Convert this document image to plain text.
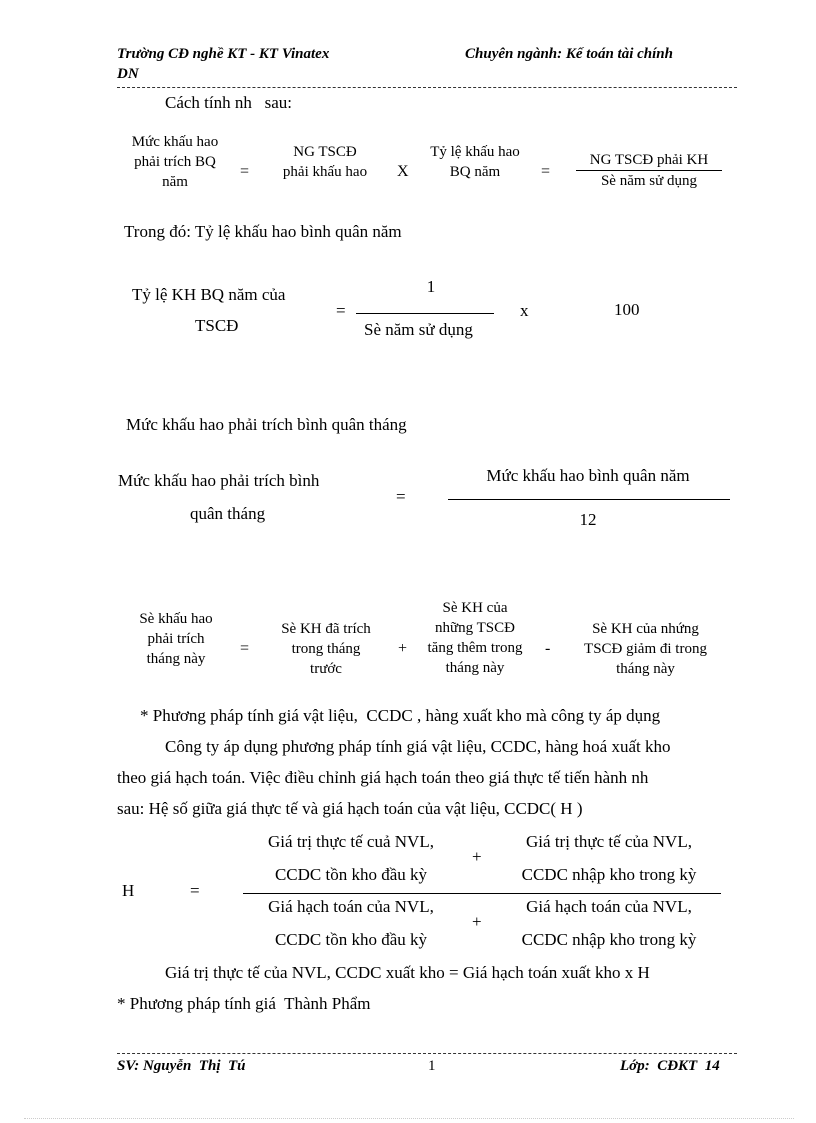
Trường CĐ nghề KT - KT Vinatex
DN
Chuyên ngành: Kế toán tài chính
Cách tính nh   sau:
Mức khấu hao phải trích BQ năm
=
NG TSCĐ phải khấu hao X
Tỷ lệ khấu hao BQ năm	=
NG TSCĐ phải KH
Sè năm sử dụng
Trong đó: Tỷ lệ khấu hao bình quân năm
Tỷ lệ KH BQ năm của
TSCĐ
=
1
Sè năm sử dụng
x	100
Mức khấu hao phải trích bình quân tháng
Mức khấu hao phải trích bình
quân tháng
=
Mức khấu hao bình quân năm
12
Sè khấu hao phải trích tháng này
=
Sè KH đã trích trong tháng trước
+
Sè KH của những TSCĐ tăng thêm trong tháng này
-
Sè KH của nhứng TSCĐ giảm đi trong tháng này
* Phương pháp tính giá vật liệu,  CCDC , hàng xuất kho mà công ty áp dụng
Công ty áp dụng phương pháp tính giá vật liệu, CCDC, hàng hoá xuất kho
theo giá hạch toán. Việc điều chỉnh giá hạch toán theo giá thực tế tiến hành nh
sau: Hệ số giữa giá thực tế và giá hạch toán của vật liệu, CCDC( H )
H	=
Giá trị thực tế cuả NVL,
CCDC tồn kho đầu kỳ
+
Giá trị thực tế của NVL,
CCDC nhập kho trong kỳ
Giá hạch toán của NVL,
CCDC tồn kho đầu kỳ
+
Giá hạch toán của NVL,
CCDC nhập kho trong kỳ
Giá trị thực tế của NVL, CCDC xuất kho = Giá hạch toán xuất kho x H
* Phương pháp tính giá  Thành Phẩm
SV: Nguyễn  Thị  Tú	1	Lớp:  CĐKT  14
